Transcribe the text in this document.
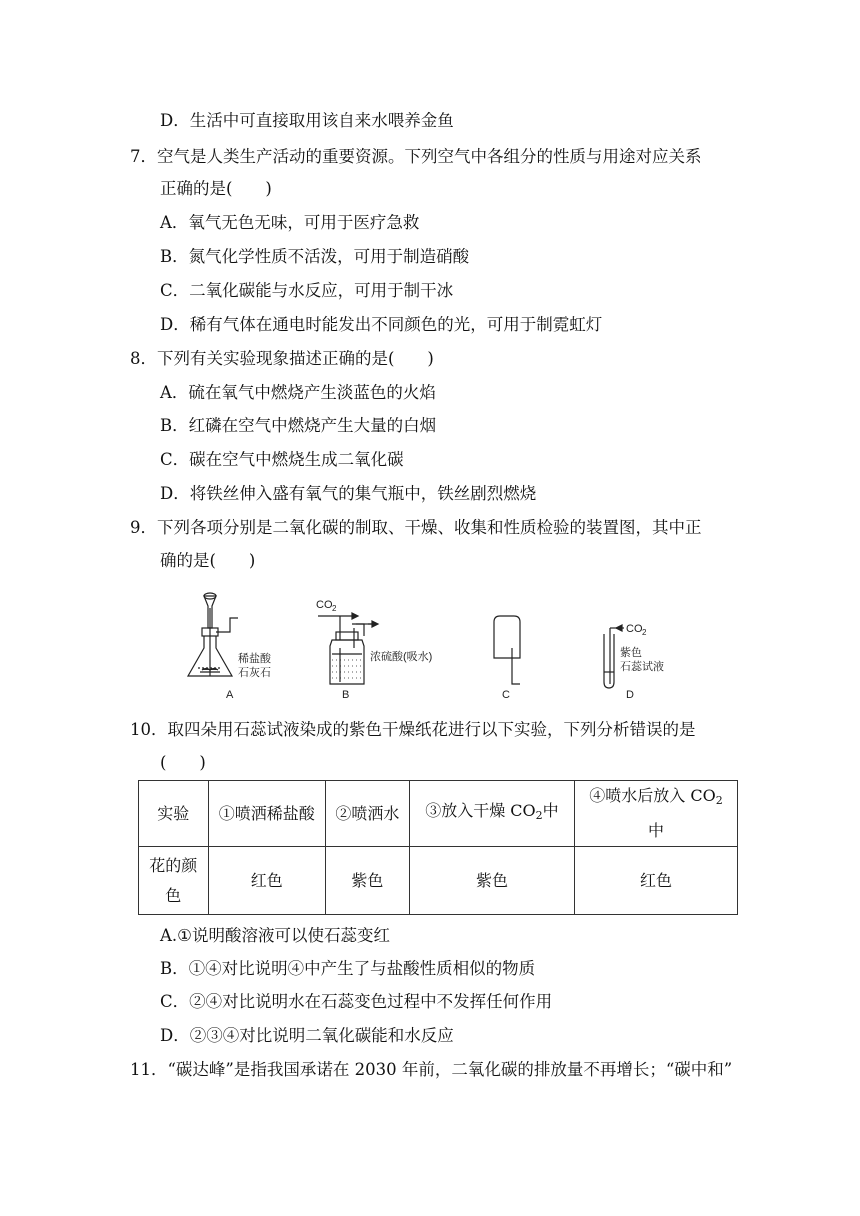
D．生活中可直接取用该自来水喂养金鱼
7．空气是人类生产活动的重要资源。下列空气中各组分的性质与用途对应关系
正确的是(　　)
A．氧气无色无味，可用于医疗急救
B．氮气化学性质不活泼，可用于制造硝酸
C．二氧化碳能与水反应，可用于制干冰
D．稀有气体在通电时能发出不同颜色的光，可用于制霓虹灯
8．下列有关实验现象描述正确的是(　　)
A．硫在氧气中燃烧产生淡蓝色的火焰
B．红磷在空气中燃烧产生大量的白烟
C．碳在空气中燃烧生成二氧化碳
D．将铁丝伸入盛有氧气的集气瓶中，铁丝剧烈燃烧
9．下列各项分别是二氧化碳的制取、干燥、收集和性质检验的装置图，其中正
确的是(　　)
稀盐酸
石灰石
A
CO 2
浓硫酸(吸水)
B	C
CO 2
紫色
石蕊试液
D
10．取四朵用石蕊试液染成的紫色干燥纸花进行以下实验，下列分析错误的是
(　　)
实验	①喷洒稀盐酸	②喷洒水	③放入干燥 $CO_2$中	④喷水后放入 $CO_2$
中
花的颜色	红色	紫色	紫色	红色
A.①说明酸溶液可以使石蕊变红
B．①④对比说明④中产生了与盐酸性质相似的物质
C．②④对比说明水在石蕊变色过程中不发挥任何作用
D．②③④对比说明二氧化碳能和水反应
11．“碳达峰”是指我国承诺在 2030 年前，二氧化碳的排放量不再增长；“碳中和”
